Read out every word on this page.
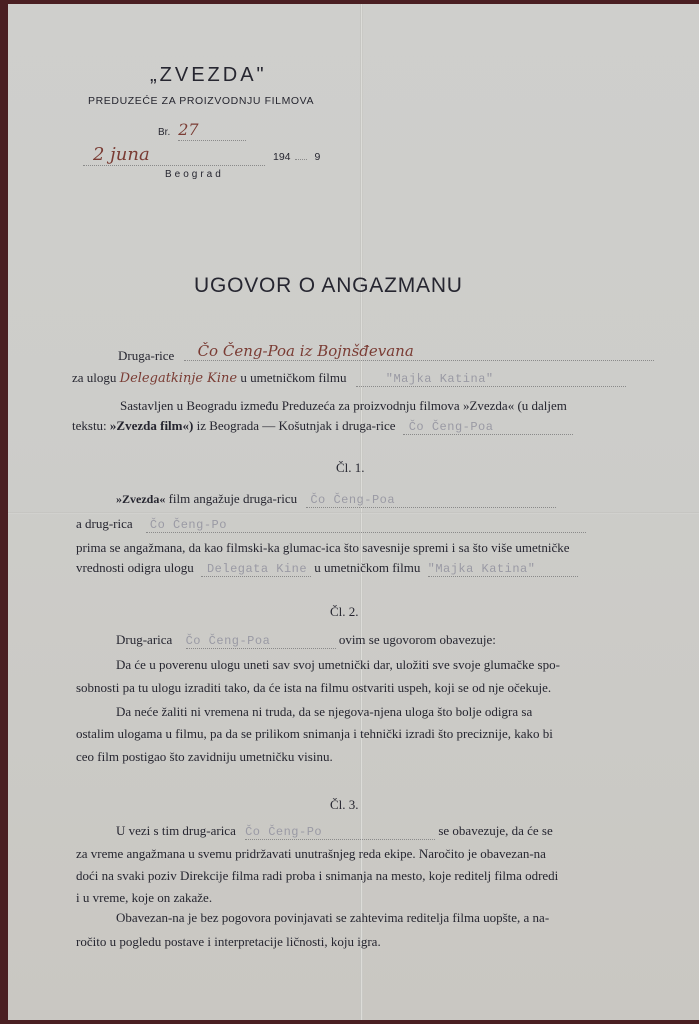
„ZVEZDA"
PREDUZEĆE ZA PROIZVODNJU FILMOVA
Br. 27
2 juna	194 9
Beograd
UGOVOR O ANGAZMANU
Druga-rice Čo Čeng-Poa iz Bojnšđevana
za ulogu Delegatkinje Kine u umetničkom filmu	"Majka Katina"
Sastavljen u Beogradu između Preduzeća za proizvodnju filmova »Zvezda« (u daljem
tekstu: »Zvezda film«) iz Beograda — Košutnjak i druga-rice Čo Čeng-Poa
Čl. 1.
»Zvezda« film angažuje druga-ricu Čo Čeng-Poa
a drug-rica Čo Čeng-Po
prima se angažmana, da kao filmski-ka glumac-ica što savesnije spremi i sa što više umetničke
vrednosti odigra ulogu Delegata Kine u umetničkom filmu "Majka Katina"
Čl. 2.
Drug-arica Čo Čeng-Poa	ovim se ugovorom obavezuje:
Da će u poverenu ulogu uneti sav svoj umetnički dar, uložiti sve svoje glumačke spo-
sobnosti pa tu ulogu izraditi tako, da će ista na filmu ostvariti uspeh, koji se od nje očekuje.
Da neće žaliti ni vremena ni truda, da se njegova-njena uloga što bolje odigra sa
ostalim ulogama u filmu, pa da se prilikom snimanja i tehnički izradi što preciznije, kako bi
ceo film postigao što zavidniju umetničku visinu.
Čl. 3.
U vezi s tim drug-arica Čo Čeng-Po	se obavezuje, da će se
za vreme angažmana u svemu pridržavati unutrašnjeg reda ekipe. Naročito je obavezan-na
doći na svaki poziv Direkcije filma radi proba i snimanja na mesto, koje reditelj filma odredi
i u vreme, koje on zakaže.
Obavezan-na je bez pogovora povinjavati se zahtevima reditelja filma uopšte, a na-
ročito u pogledu postave i interpretacije ličnosti, koju igra.
